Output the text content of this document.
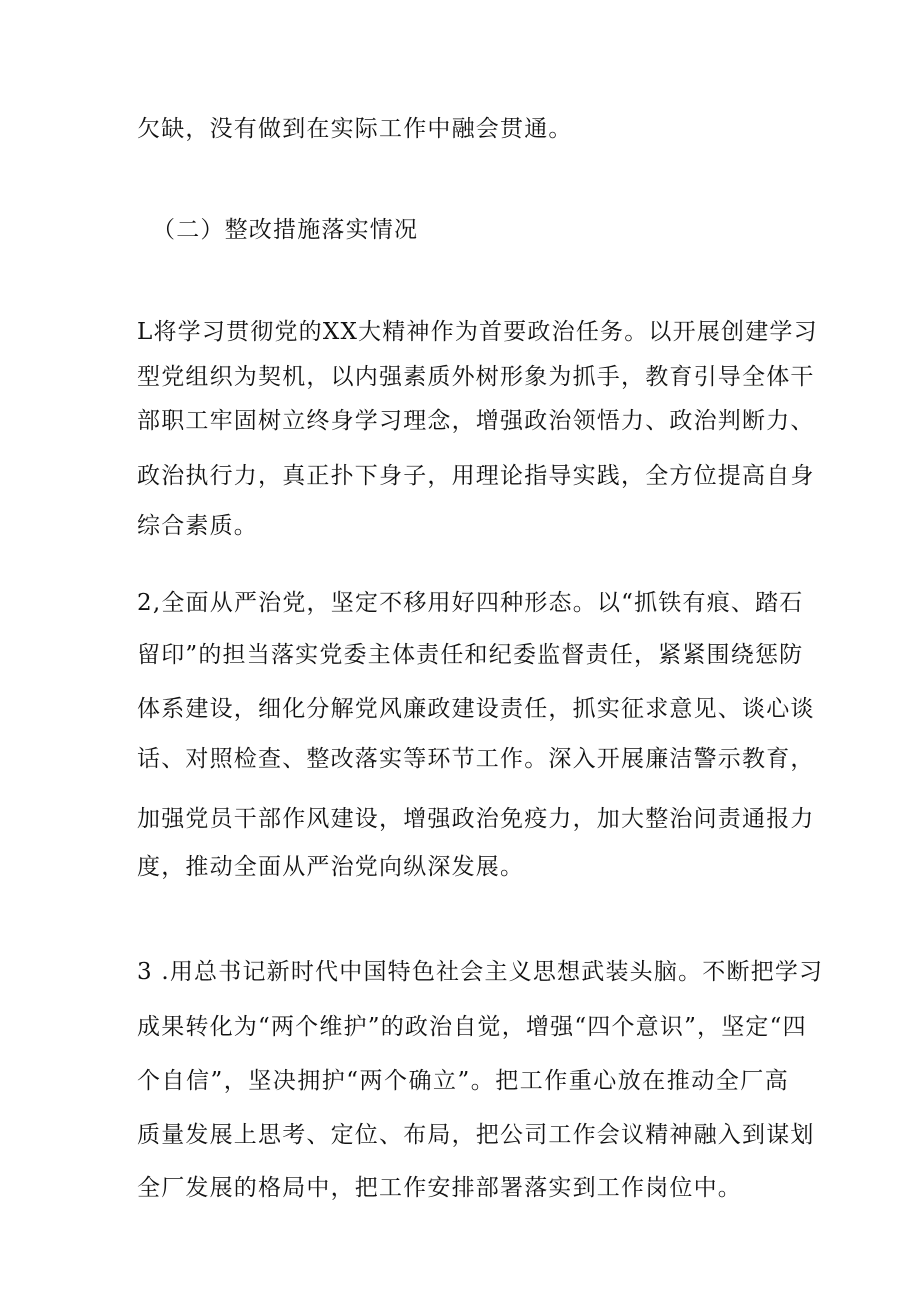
欠缺，没有做到在实际工作中融会贯通。
（二）整改措施落实情况
L将学习贯彻党的XX大精神作为首要政治任务。以开展创建学习
型党组织为契机，以内强素质外树形象为抓手，教育引导全体干
部职工牢固树立终身学习理念，增强政治领悟力、政治判断力、
政治执行力，真正扑下身子，用理论指导实践，全方位提高自身
综合素质。
2,全面从严治党，坚定不移用好四种形态。以“抓铁有痕、踏石
留印”的担当落实党委主体责任和纪委监督责任，紧紧围绕惩防
体系建设，细化分解党风廉政建设责任，抓实征求意见、谈心谈
话、对照检查、整改落实等环节工作。深入开展廉洁警示教育，
加强党员干部作风建设，增强政治免疫力，加大整治问责通报力
度，推动全面从严治党向纵深发展。
3 .用总书记新时代中国特色社会主义思想武装头脑。不断把学习
成果转化为“两个维护”的政治自觉，增强“四个意识”，坚定“四
个自信”，坚决拥护“两个确立”。把工作重心放在推动全厂高
质量发展上思考、定位、布局，把公司工作会议精神融入到谋划
全厂发展的格局中，把工作安排部署落实到工作岗位中。
